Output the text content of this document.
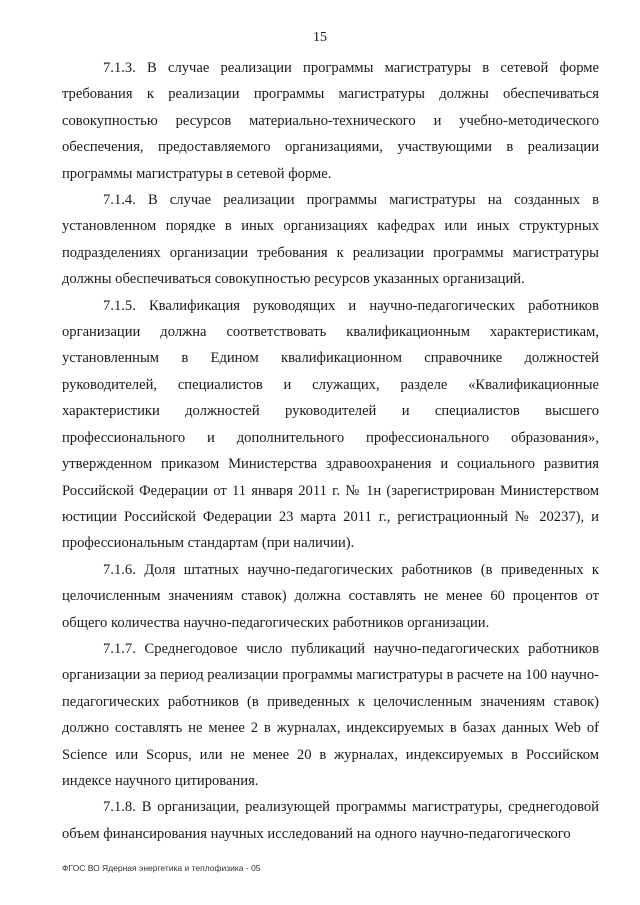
15

7.1.3. В случае реализации программы магистратуры в сетевой форме требования к реализации программы магистратуры должны обеспечиваться совокупностью ресурсов материально-технического и учебно-методического обеспечения, предоставляемого организациями, участвующими в реализации программы магистратуры в сетевой форме.

7.1.4. В случае реализации программы магистратуры на созданных в установленном порядке в иных организациях кафедрах или иных структурных подразделениях организации требования к реализации программы магистратуры должны обеспечиваться совокупностью ресурсов указанных организаций.

7.1.5. Квалификация руководящих и научно-педагогических работников организации должна соответствовать квалификационным характеристикам, установленным в Едином квалификационном справочнике должностей руководителей, специалистов и служащих, разделе «Квалификационные характеристики должностей руководителей и специалистов высшего профессионального и дополнительного профессионального образования», утвержденном приказом Министерства здравоохранения и социального развития Российской Федерации от 11 января 2011 г. № 1н (зарегистрирован Министерством юстиции Российской Федерации 23 марта 2011 г., регистрационный № 20237), и профессиональным стандартам (при наличии).

7.1.6. Доля штатных научно-педагогических работников (в приведенных к целочисленным значениям ставок) должна составлять не менее 60 процентов от общего количества научно-педагогических работников организации.

7.1.7. Среднегодовое число публикаций научно-педагогических работников организации за период реализации программы магистратуры в расчете на 100 научно-педагогических работников (в приведенных к целочисленным значениям ставок) должно составлять не менее 2 в журналах, индексируемых в базах данных Web of Science или Scopus, или не менее 20 в журналах, индексируемых в Российском индексе научного цитирования.

7.1.8. В организации, реализующей программы магистратуры, среднегодовой объем финансирования научных исследований на одного научно-педагогического

ФГОС ВО Ядерная энергетика и теплофизика - 05
